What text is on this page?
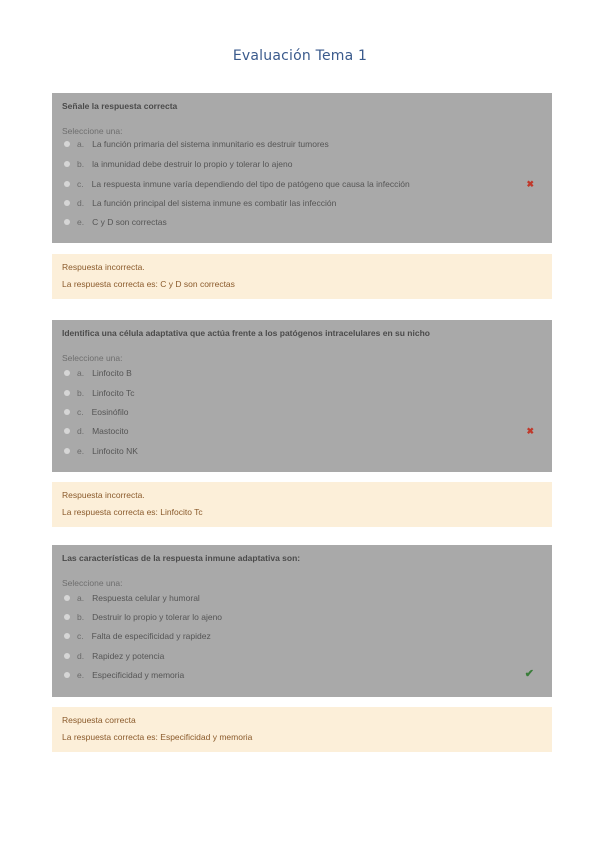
Evaluación Tema 1
Señale la respuesta correcta
Seleccione una:
a. La función primaria del sistema inmunitario es destruir tumores
b. la inmunidad debe destruir lo propio y tolerar lo ajeno
c. La respuesta inmune varía dependiendo del tipo de patógeno que causa la infección
d. La función principal del sistema inmune es combatir las infección
e. C y D son correctas
✖
Respuesta incorrecta.
La respuesta correcta es: C y D son correctas
Identifica una célula adaptativa que actúa frente a los patógenos intracelulares en su nicho
Seleccione una:
a. Linfocito B
b. Linfocito Tc
c. Eosinófilo
d. Mastocito
e. Linfocito NK
✖
Respuesta incorrecta.
La respuesta correcta es: Linfocito Tc
Las características de la respuesta inmune adaptativa son:
Seleccione una:
a. Respuesta celular y humoral
b. Destruir lo propio y tolerar lo ajeno
c. Falta de especificidad y rapidez
d. Rapidez y potencia
e. Especificidad y memoria	✔
Respuesta correcta
La respuesta correcta es: Especificidad y memoria
